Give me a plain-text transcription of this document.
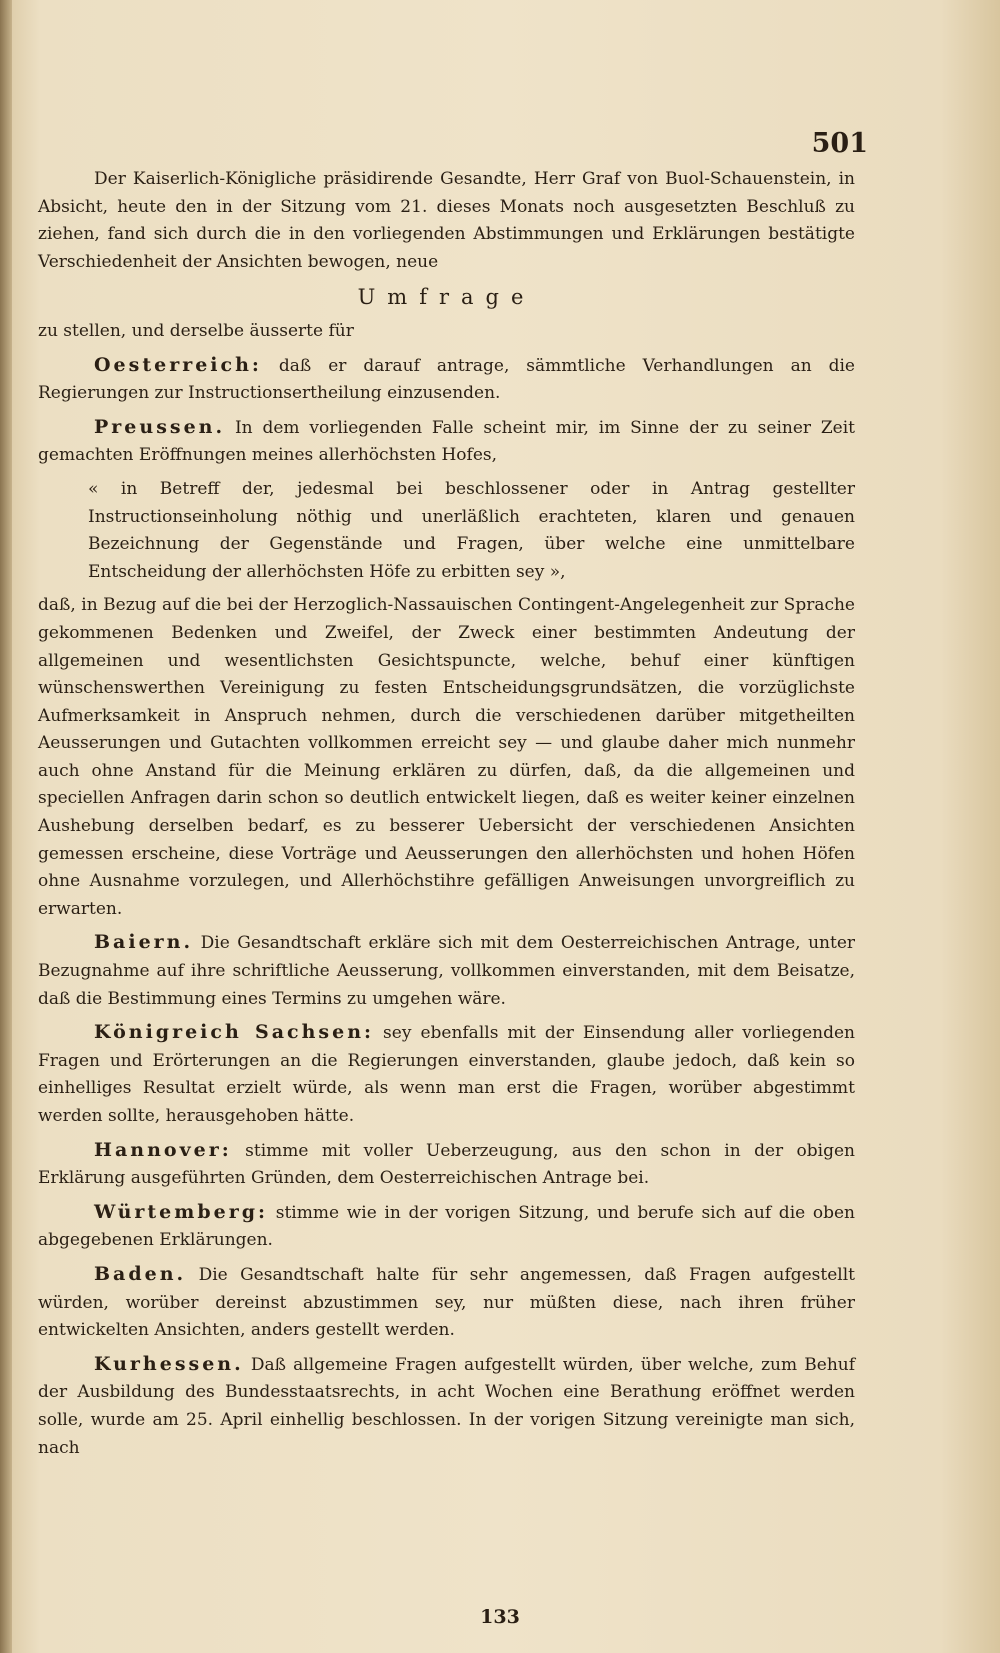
501

Der Kaiserlich-Königliche präsidirende Gesandte, Herr Graf von Buol-Schauenstein, in Absicht, heute den in der Sitzung vom 21. dieses Monats noch ausgesetzten Beschluß zu ziehen, fand sich durch die in den vorliegenden Abstimmungen und Erklärungen bestätigte Verschiedenheit der Ansichten bewogen, neue

Umfrage

zu stellen, und derselbe äusserte für

Oesterreich: daß er darauf antrage, sämmtliche Verhandlungen an die Regierungen zur Instructionsertheilung einzusenden.

Preussen. In dem vorliegenden Falle scheint mir, im Sinne der zu seiner Zeit gemachten Eröffnungen meines allerhöchsten Hofes,

« in Betreff der, jedesmal bei beschlossener oder in Antrag gestellter Instructionseinholung nöthig und unerläßlich erachteten, klaren und genauen Bezeichnung der Gegenstände und Fragen, über welche eine unmittelbare Entscheidung der allerhöchsten Höfe zu erbitten sey »,

daß, in Bezug auf die bei der Herzoglich-Nassauischen Contingent-Angelegenheit zur Sprache gekommenen Bedenken und Zweifel, der Zweck einer bestimmten Andeutung der allgemeinen und wesentlichsten Gesichtspuncte, welche, behuf einer künftigen wünschenswerthen Vereinigung zu festen Entscheidungsgrundsätzen, die vorzüglichste Aufmerksamkeit in Anspruch nehmen, durch die verschiedenen darüber mitgetheilten Aeusserungen und Gutachten vollkommen erreicht sey — und glaube daher mich nunmehr auch ohne Anstand für die Meinung erklären zu dürfen, daß, da die allgemeinen und speciellen Anfragen darin schon so deutlich entwickelt liegen, daß es weiter keiner einzelnen Aushebung derselben bedarf, es zu besserer Uebersicht der verschiedenen Ansichten gemessen erscheine, diese Vorträge und Aeusserungen den allerhöchsten und hohen Höfen ohne Ausnahme vorzulegen, und Allerhöchstihre gefälligen Anweisungen unvorgreiflich zu erwarten.

Baiern. Die Gesandtschaft erkläre sich mit dem Oesterreichischen Antrage, unter Bezugnahme auf ihre schriftliche Aeusserung, vollkommen einverstanden, mit dem Beisatze, daß die Bestimmung eines Termins zu umgehen wäre.

Königreich Sachsen: sey ebenfalls mit der Einsendung aller vorliegenden Fragen und Erörterungen an die Regierungen einverstanden, glaube jedoch, daß kein so einhelliges Resultat erzielt würde, als wenn man erst die Fragen, worüber abgestimmt werden sollte, herausgehoben hätte.

Hannover: stimme mit voller Ueberzeugung, aus den schon in der obigen Erklärung ausgeführten Gründen, dem Oesterreichischen Antrage bei.

Würtemberg: stimme wie in der vorigen Sitzung, und berufe sich auf die oben abgegebenen Erklärungen.

Baden. Die Gesandtschaft halte für sehr angemessen, daß Fragen aufgestellt würden, worüber dereinst abzustimmen sey, nur müßten diese, nach ihren früher entwickelten Ansichten, anders gestellt werden.

Kurhessen. Daß allgemeine Fragen aufgestellt würden, über welche, zum Behuf der Ausbildung des Bundesstaatsrechts, in acht Wochen eine Berathung eröffnet werden solle, wurde am 25. April einhellig beschlossen. In der vorigen Sitzung vereinigte man sich, nach

133
